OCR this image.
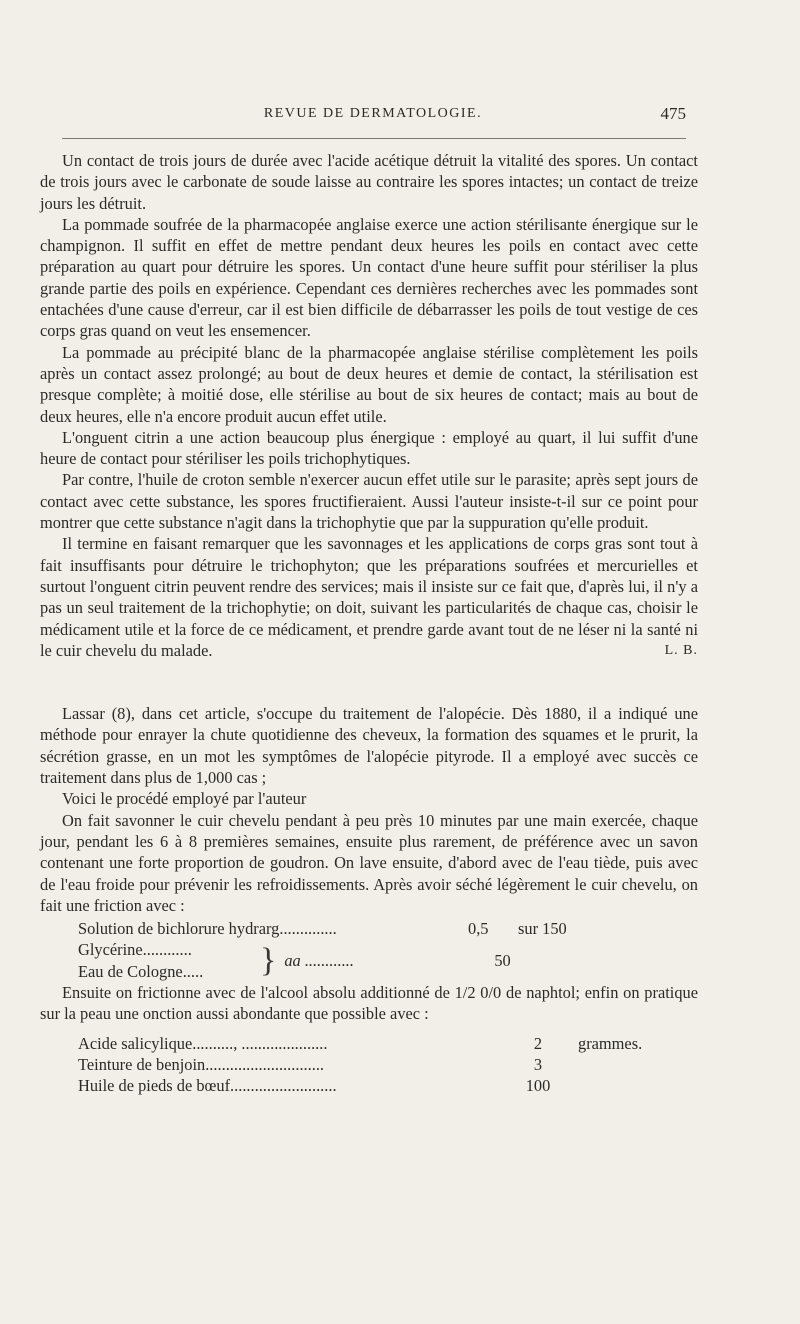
REVUE DE DERMATOLOGIE.	475

Un contact de trois jours de durée avec l'acide acétique détruit la vitalité des spores. Un contact de trois jours avec le carbonate de soude laisse au contraire les spores intactes; un contact de treize jours les détruit.

La pommade soufrée de la pharmacopée anglaise exerce une action stérilisante énergique sur le champignon. Il suffit en effet de mettre pendant deux heures les poils en contact avec cette préparation au quart pour détruire les spores. Un contact d'une heure suffit pour stériliser la plus grande partie des poils en expérience. Cependant ces dernières recherches avec les pommades sont entachées d'une cause d'erreur, car il est bien difficile de débarrasser les poils de tout vestige de ces corps gras quand on veut les ensemencer.

La pommade au précipité blanc de la pharmacopée anglaise stérilise complètement les poils après un contact assez prolongé; au bout de deux heures et demie de contact, la stérilisation est presque complète; à moitié dose, elle stérilise au bout de six heures de contact; mais au bout de deux heures, elle n'a encore produit aucun effet utile.

L'onguent citrin a une action beaucoup plus énergique : employé au quart, il lui suffit d'une heure de contact pour stériliser les poils trichophytiques.

Par contre, l'huile de croton semble n'exercer aucun effet utile sur le parasite; après sept jours de contact avec cette substance, les spores fructifieraient. Aussi l'auteur insiste-t-il sur ce point pour montrer que cette substance n'agit dans la trichophytie que par la suppuration qu'elle produit.

Il termine en faisant remarquer que les savonnages et les applications de corps gras sont tout à fait insuffisants pour détruire le trichophyton; que les préparations soufrées et mercurielles et surtout l'onguent citrin peuvent rendre des services; mais il insiste sur ce fait que, d'après lui, il n'y a pas un seul traitement de la trichophytie; on doit, suivant les particularités de chaque cas, choisir le médicament utile et la force de ce médicament, et prendre garde avant tout de ne léser ni la santé ni le cuir chevelu du malade.	L. B.

Lassar (8), dans cet article, s'occupe du traitement de l'alopécie. Dès 1880, il a indiqué une méthode pour enrayer la chute quotidienne des cheveux, la formation des squames et le prurit, la sécrétion grasse, en un mot les symptômes de l'alopécie pityrode. Il a employé avec succès ce traitement dans plus de 1,000 cas ;

Voici le procédé employé par l'auteur

On fait savonner le cuir chevelu pendant à peu près 10 minutes par une main exercée, chaque jour, pendant les 6 à 8 premières semaines, ensuite plus rarement, de préférence avec un savon contenant une forte proportion de goudron. On lave ensuite, d'abord avec de l'eau tiède, puis avec de l'eau froide pour prévenir les refroidissements. Après avoir séché légèrement le cuir chevelu, on fait une friction avec :

Solution de bichlorure hydrarg..............	0,5	sur 150
Glycérine............
Eau de Cologne.....	} aa ............	50

Ensuite on frictionne avec de l'alcool absolu additionné de 1/2 0/0 de naphtol; enfin on pratique sur la peau une onction aussi abondante que possible avec :

Acide salicylique.........., .....................	2	grammes.
Teinture de benjoin.............................	3
Huile de pieds de bœuf..........................	100
